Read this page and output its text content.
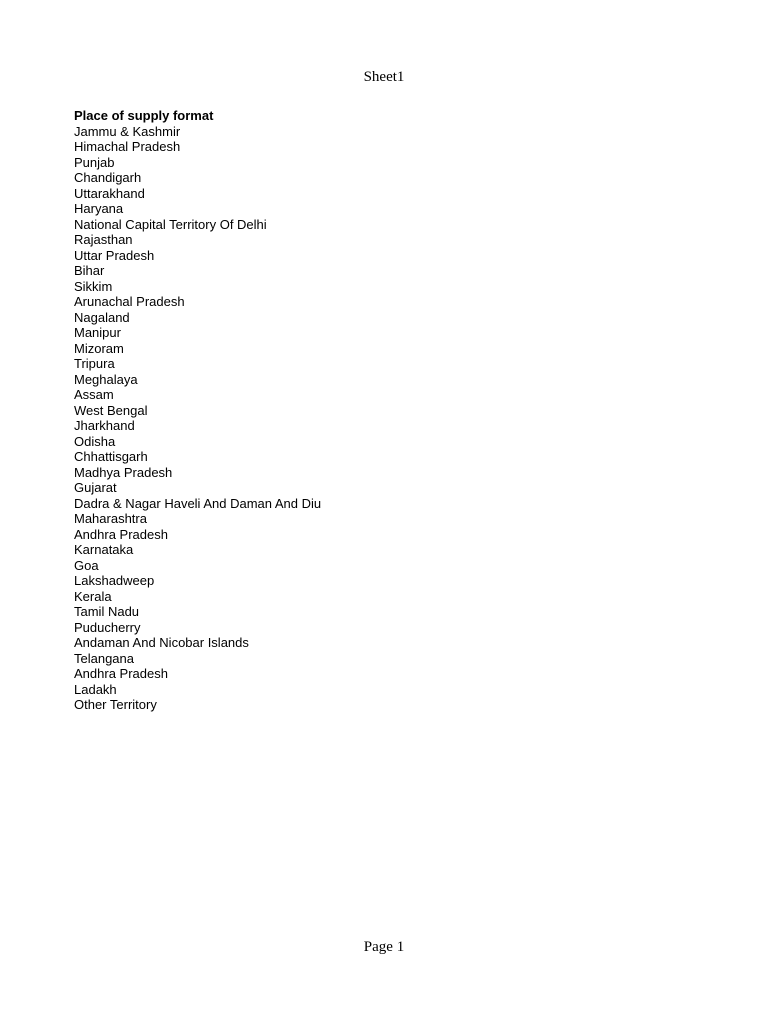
Sheet1
Place of supply format
Jammu & Kashmir
Himachal Pradesh
Punjab
Chandigarh
Uttarakhand
Haryana
National Capital Territory Of Delhi
Rajasthan
Uttar Pradesh
Bihar
Sikkim
Arunachal Pradesh
Nagaland
Manipur
Mizoram
Tripura
Meghalaya
Assam
West Bengal
Jharkhand
Odisha
Chhattisgarh
Madhya Pradesh
Gujarat
Dadra & Nagar Haveli And Daman And Diu
Maharashtra
Andhra Pradesh
Karnataka
Goa
Lakshadweep
Kerala
Tamil Nadu
Puducherry
Andaman And Nicobar Islands
Telangana
Andhra Pradesh
Ladakh
Other Territory
Page 1
